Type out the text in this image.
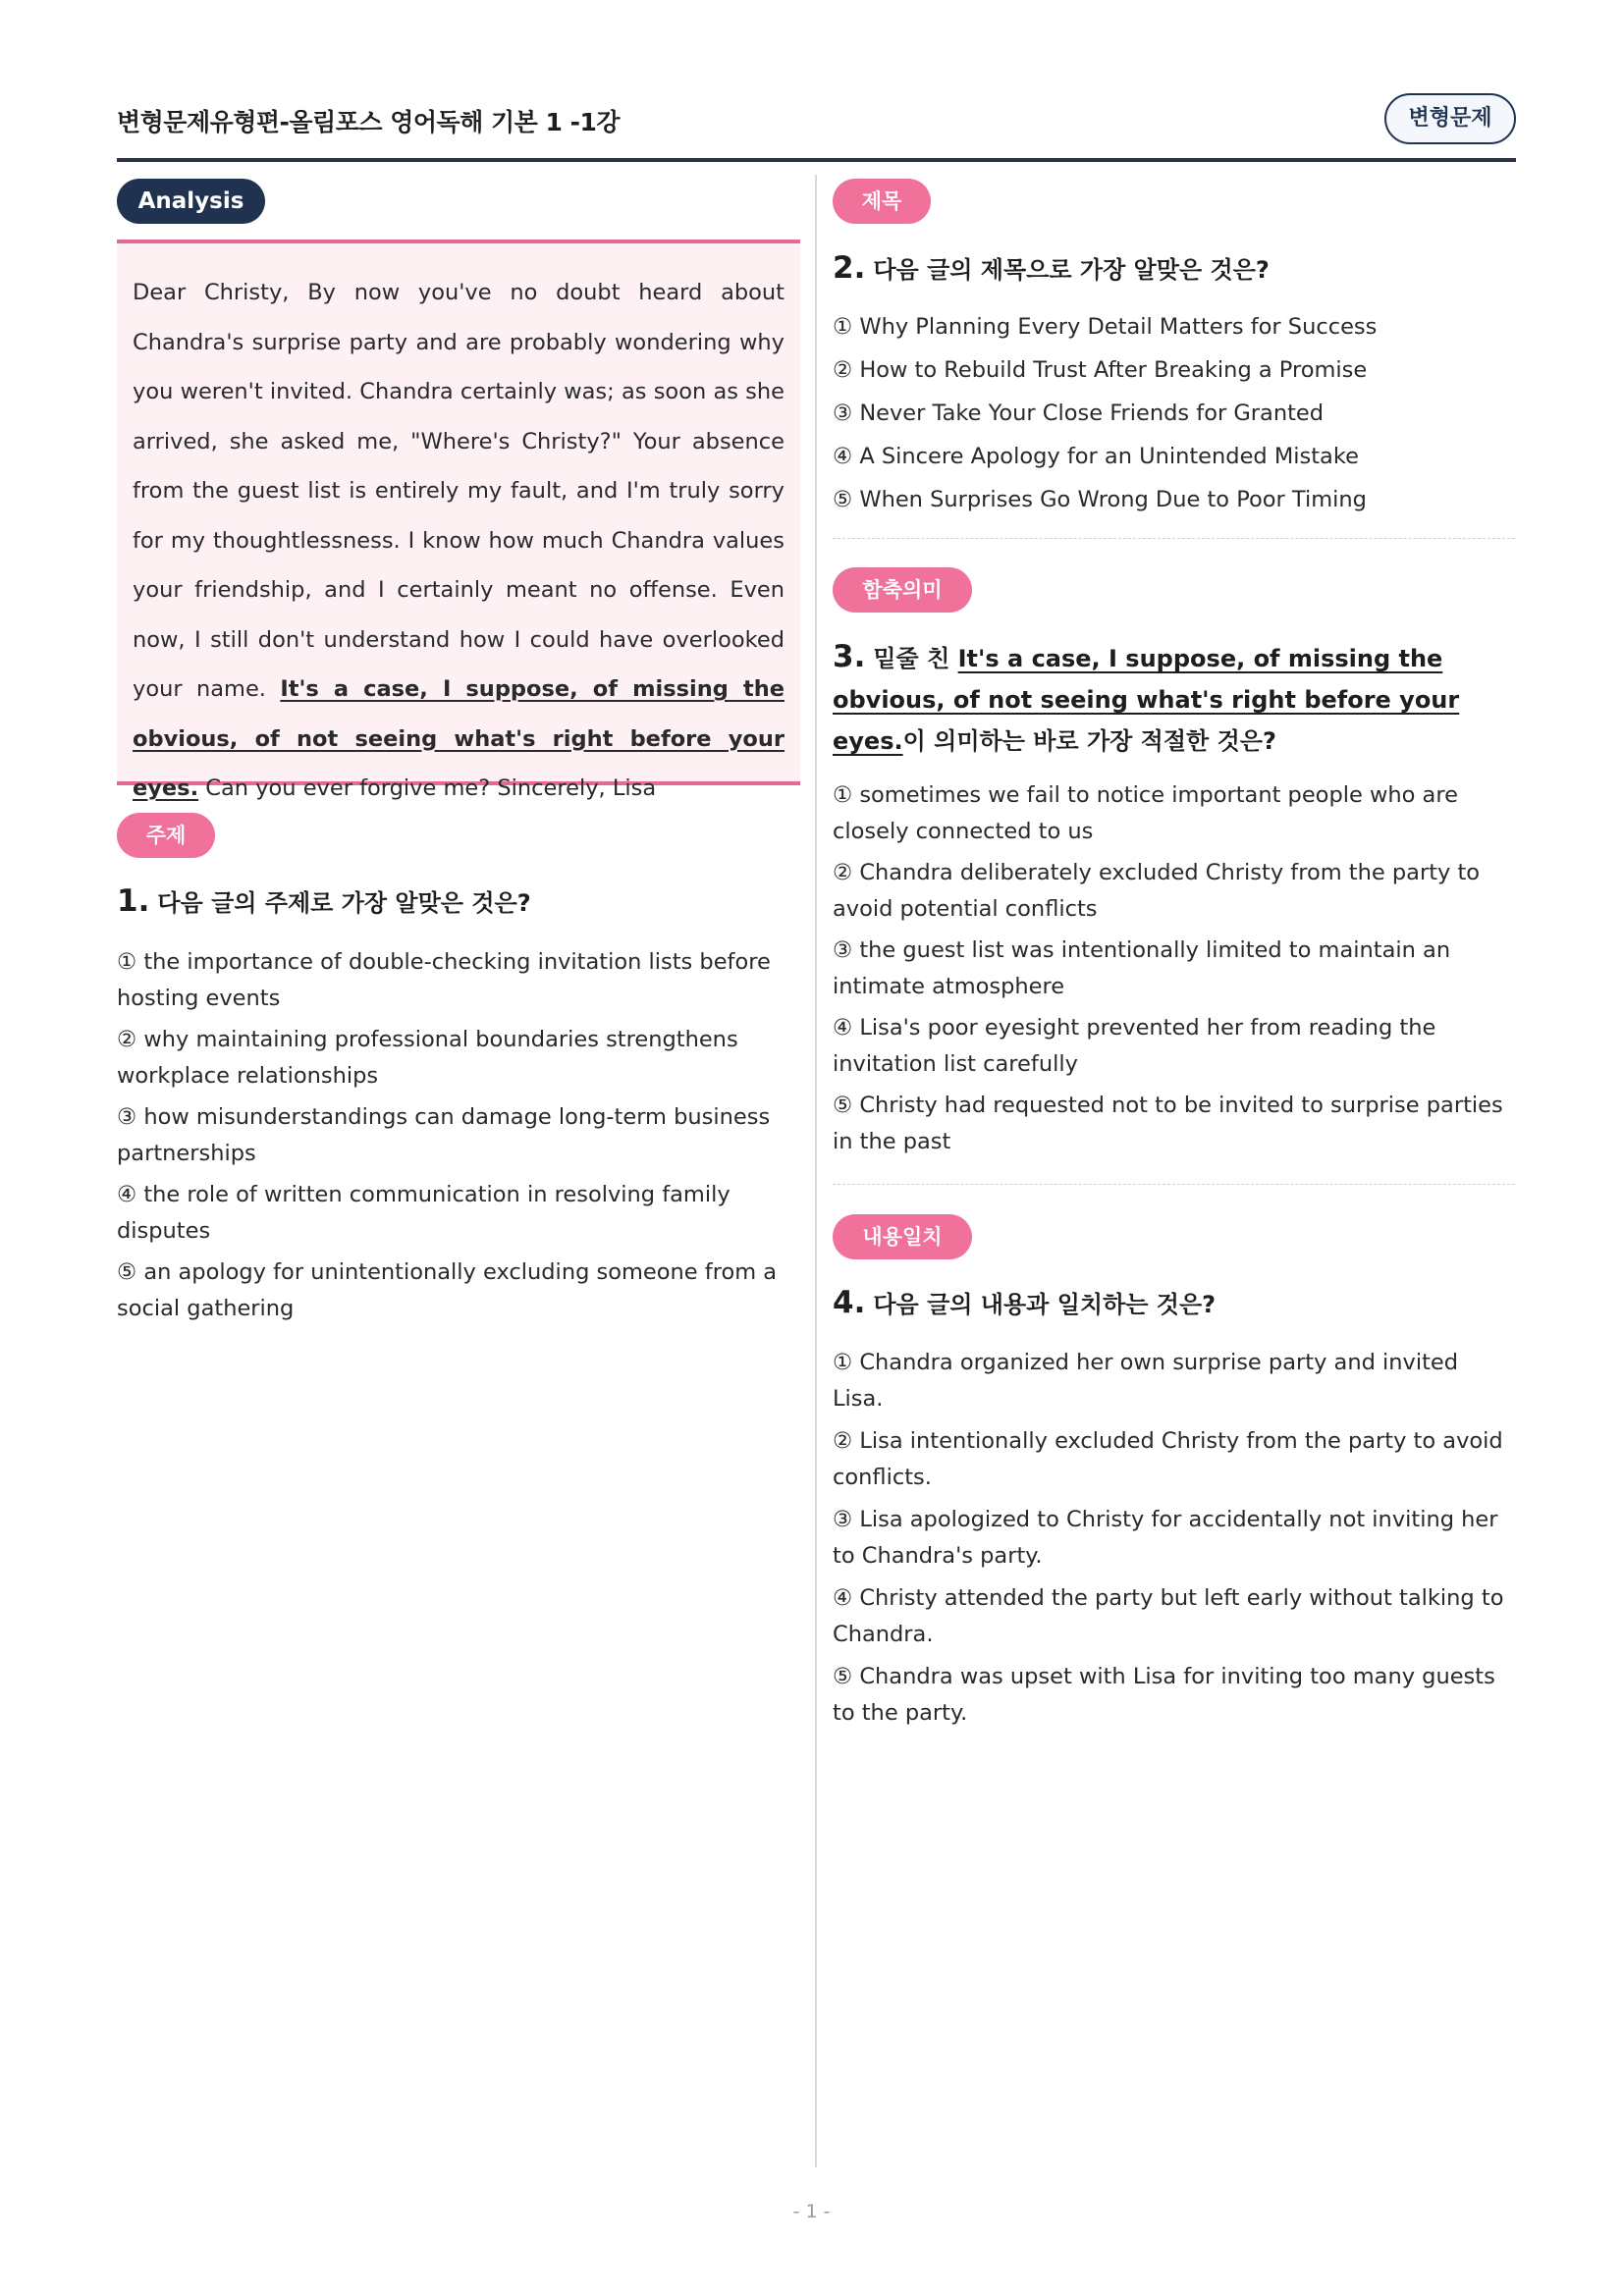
변형문제유형편-올림포스 영어독해 기본 1 -1강	변형문제
Analysis
Dear Christy, By now you've no doubt heard about Chandra's surprise party and are probably wondering why you weren't invited. Chandra certainly was; as soon as she arrived, she asked me, "Where's Christy?" Your absence from the guest list is entirely my fault, and I'm truly sorry for my thoughtlessness. I know how much Chandra values your friendship, and I certainly meant no offense. Even now, I still don't understand how I could have overlooked your name. It's a case, I suppose, of missing the obvious, of not seeing what's right before your eyes. Can you ever forgive me? Sincerely, Lisa
주제
1. 다음 글의 주제로 가장 알맞은 것은?

① the importance of double-checking invitation lists before hosting events

② why maintaining professional boundaries strengthens workplace relationships

③ how misunderstandings can damage long-term business partnerships

④ the role of written communication in resolving family disputes

⑤ an apology for unintentionally excluding someone from a social gathering

제목
2. 다음 글의 제목으로 가장 알맞은 것은?

① Why Planning Every Detail Matters for Success

② How to Rebuild Trust After Breaking a Promise

③ Never Take Your Close Friends for Granted

④ A Sincere Apology for an Unintended Mistake

⑤ When Surprises Go Wrong Due to Poor Timing

함축의미
3. 밑줄 친 It's a case, I suppose, of missing the obvious, of not seeing what's right before your eyes.이 의미하는 바로 가장 적절한 것은?

① sometimes we fail to notice important people who are closely connected to us

② Chandra deliberately excluded Christy from the party to avoid potential conflicts

③ the guest list was intentionally limited to maintain an intimate atmosphere

④ Lisa's poor eyesight prevented her from reading the invitation list carefully

⑤ Christy had requested not to be invited to surprise parties in the past

내용일치
4. 다음 글의 내용과 일치하는 것은?

① Chandra organized her own surprise party and invited Lisa.

② Lisa intentionally excluded Christy from the party to avoid conflicts.

③ Lisa apologized to Christy for accidentally not inviting her to Chandra's party.

④ Christy attended the party but left early without talking to Chandra.

⑤ Chandra was upset with Lisa for inviting too many guests to the party.

- 1 -
